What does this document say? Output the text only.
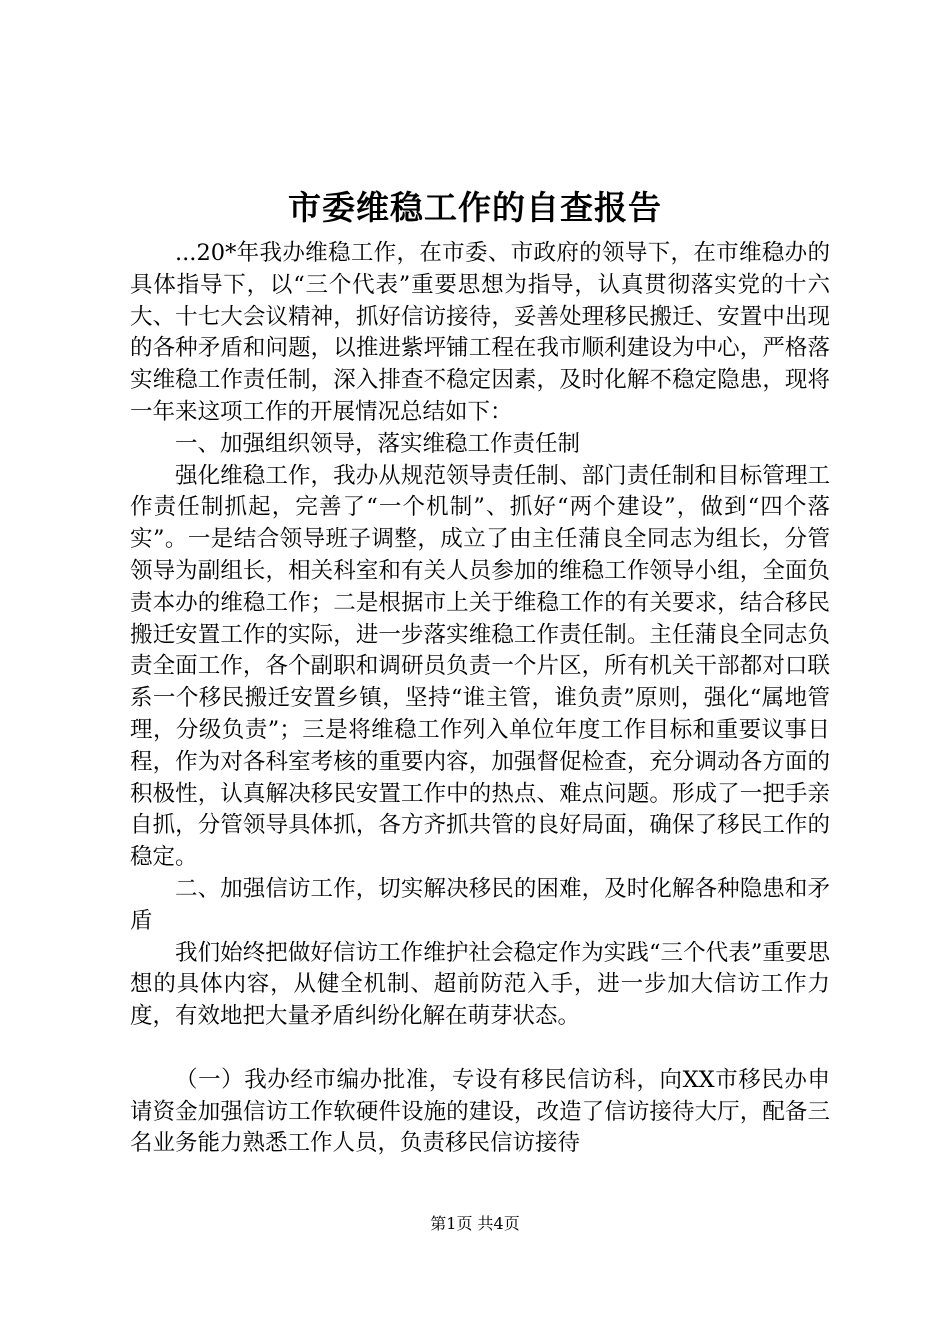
市委维稳工作的自查报告

...20*年我办维稳工作，在市委、市政府的领导下，在市维稳办的具体指导下，以“三个代表”重要思想为指导，认真贯彻落实党的十六大、十七大会议精神，抓好信访接待，妥善处理移民搬迁、安置中出现的各种矛盾和问题，以推进紫坪铺工程在我市顺利建设为中心，严格落实维稳工作责任制，深入排查不稳定因素，及时化解不稳定隐患，现将一年来这项工作的开展情况总结如下：

一、加强组织领导，落实维稳工作责任制

强化维稳工作，我办从规范领导责任制、部门责任制和目标管理工作责任制抓起，完善了“一个机制”、抓好“两个建设”，做到“四个落实”。一是结合领导班子调整，成立了由主任蒲良全同志为组长，分管领导为副组长，相关科室和有关人员参加的维稳工作领导小组，全面负责本办的维稳工作；二是根据市上关于维稳工作的有关要求，结合移民搬迁安置工作的实际，进一步落实维稳工作责任制。主任蒲良全同志负责全面工作，各个副职和调研员负责一个片区，所有机关干部都对口联系一个移民搬迁安置乡镇，坚持“谁主管，谁负责”原则，强化“属地管理，分级负责”；三是将维稳工作列入单位年度工作目标和重要议事日程，作为对各科室考核的重要内容，加强督促检查，充分调动各方面的积极性，认真解决移民安置工作中的热点、难点问题。形成了一把手亲自抓，分管领导具体抓，各方齐抓共管的良好局面，确保了移民工作的稳定。

二、加强信访工作，切实解决移民的困难，及时化解各种隐患和矛盾

我们始终把做好信访工作维护社会稳定作为实践“三个代表”重要思想的具体内容，从健全机制、超前防范入手，进一步加大信访工作力度，有效地把大量矛盾纠纷化解在萌芽状态。

（一）我办经市编办批准，专设有移民信访科，向XX市移民办申请资金加强信访工作软硬件设施的建设，改造了信访接待大厅，配备三名业务能力熟悉工作人员，负责移民信访接待

第1页 共4页
